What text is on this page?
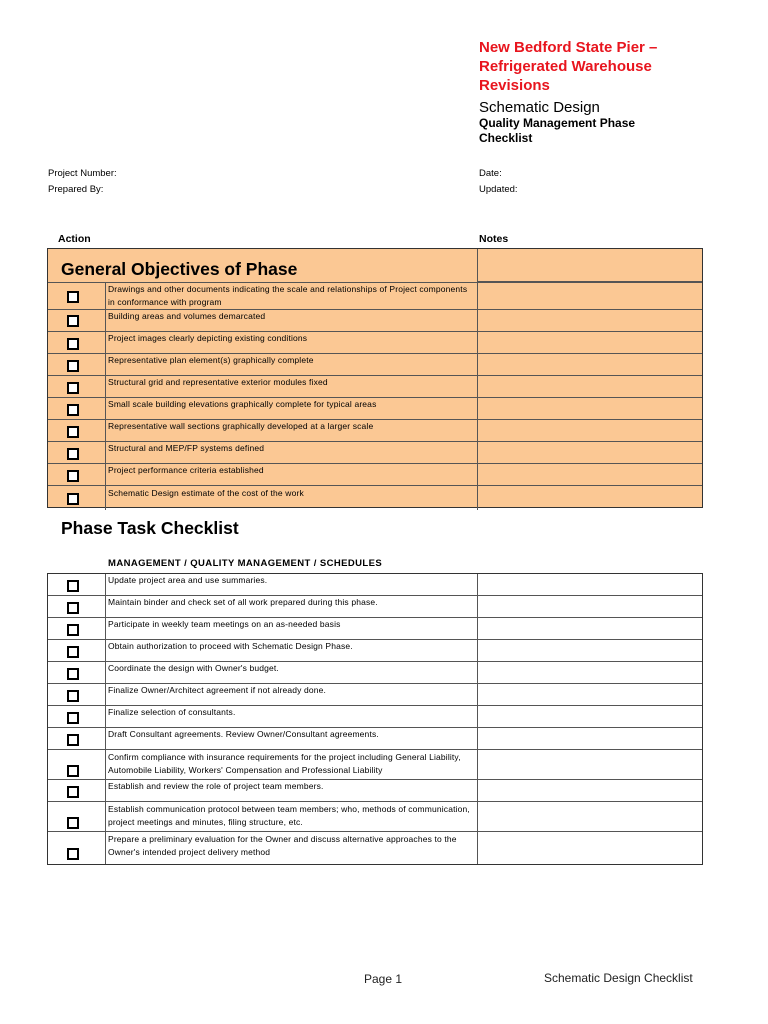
New Bedford State Pier –
Refrigerated Warehouse
Revisions
Schematic Design
Quality Management Phase
Checklist
Project Number:
Prepared By:
Date:
Updated:
Action	Notes
General Objectives of Phase
Drawings and other documents indicating the scale and relationships of Project components in conformance with program
Building areas and volumes demarcated
Project images clearly depicting existing conditions
Representative plan element(s) graphically complete
Structural grid and representative exterior modules fixed
Small scale building elevations graphically complete for typical areas
Representative wall sections graphically developed at a larger scale
Structural and MEP/FP systems defined
Project performance criteria established
Schematic Design estimate of the cost of the work
Phase Task Checklist
MANAGEMENT / QUALITY MANAGEMENT / SCHEDULES
Update project area and use summaries.
Maintain binder and check set of all work prepared during this phase.
Participate in weekly team meetings on an as-needed basis
Obtain authorization to proceed with Schematic Design Phase.
Coordinate the design with Owner's budget.
Finalize Owner/Architect agreement if not already done.
Finalize selection of consultants.
Draft Consultant agreements. Review Owner/Consultant agreements.
Confirm compliance with insurance requirements for the project including General Liability, Automobile Liability, Workers' Compensation and Professional Liability
Establish and review the role of project team members.
Establish communication protocol between team members; who, methods of communication, project meetings and minutes, filing structure, etc.
Prepare a preliminary evaluation for the Owner and discuss alternative approaches to the Owner's intended project delivery method
Page 1	Schematic Design Checklist
